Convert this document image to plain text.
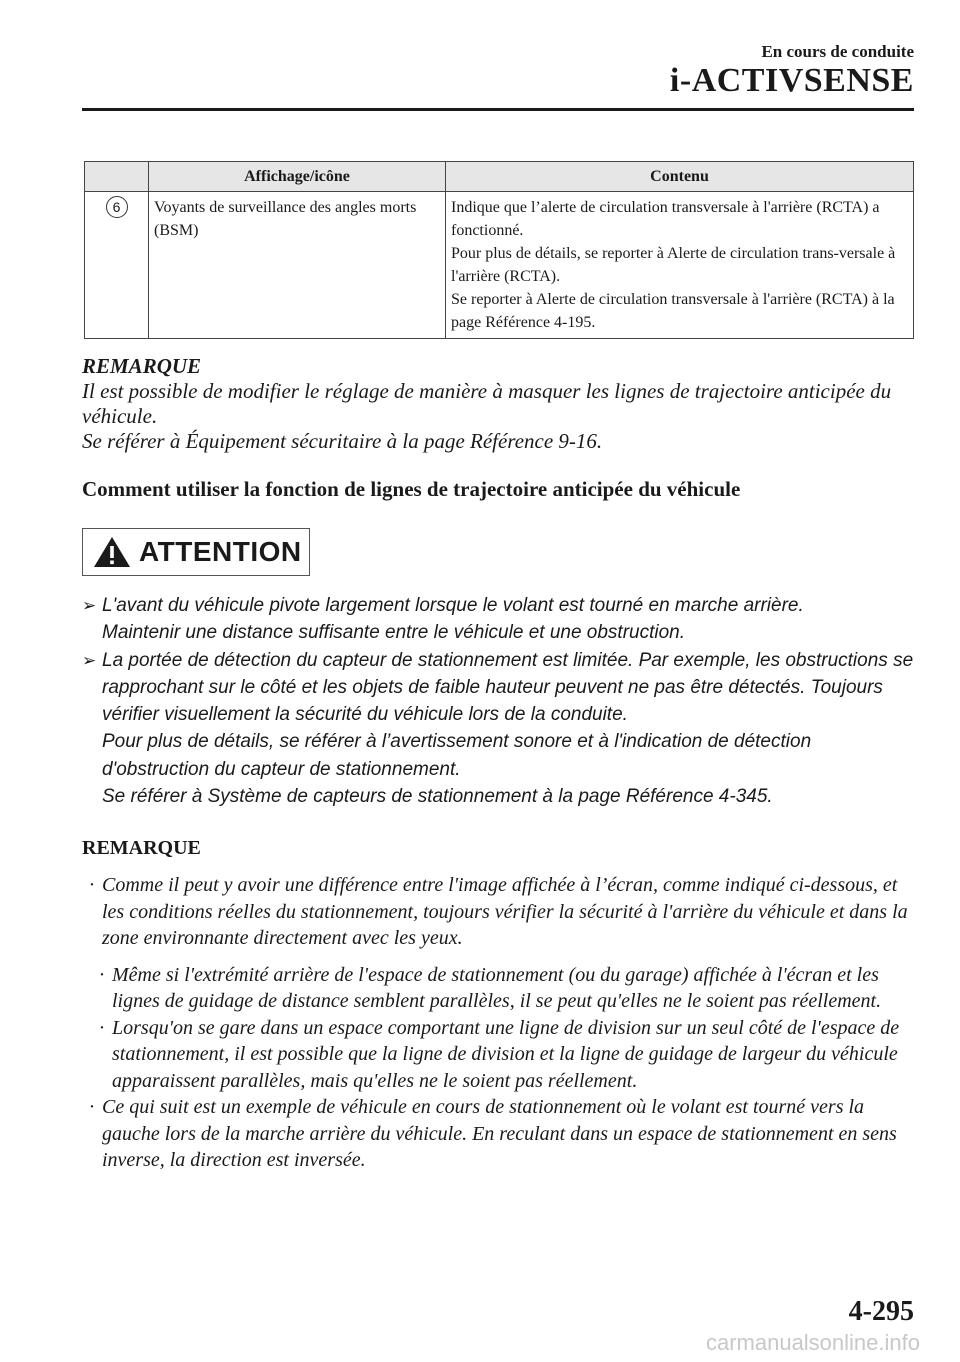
En cours de conduite
i-ACTIVSENSE
	Affichage/icône	Contenu
6	Voyants de surveillance des angles morts (BSM)	Indique que l’alerte de circulation transversale à l'arrière (RCTA) a fonctionné.

Pour plus de détails, se reporter à Alerte de circulation trans-versale à l'arrière (RCTA).

Se reporter à Alerte de circulation transversale à l'arrière (RCTA) à la page Référence 4-195.

REMARQUE
Il est possible de modifier le réglage de manière à masquer les lignes de trajectoire anticipée du véhicule.
Se référer à Équipement sécuritaire à la page Référence 9-16.
Comment utiliser la fonction de lignes de trajectoire anticipée du véhicule
ATTENTION
➢ L'avant du véhicule pivote largement lorsque le volant est tourné en marche arrière.
Maintenir une distance suffisante entre le véhicule et une obstruction.
➢ La portée de détection du capteur de stationnement est limitée. Par exemple, les obstructions se rapprochant sur le côté et les objets de faible hauteur peuvent ne pas être détectés. Toujours vérifier visuellement la sécurité du véhicule lors de la conduite.
Pour plus de détails, se référer à l’avertissement sonore et à l'indication de détection d'obstruction du capteur de stationnement.
Se référer à Système de capteurs de stationnement à la page Référence 4-345.
REMARQUE
· Comme il peut y avoir une différence entre l'image affichée à l’écran, comme indiqué ci-dessous, et les conditions réelles du stationnement, toujours vérifier la sécurité à l'arrière du véhicule et dans la zone environnante directement avec les yeux.
· Même si l'extrémité arrière de l'espace de stationnement (ou du garage) affichée à l'écran et les lignes de guidage de distance semblent parallèles, il se peut qu'elles ne le soient pas réellement.
· Lorsqu'on se gare dans un espace comportant une ligne de division sur un seul côté de l'espace de stationnement, il est possible que la ligne de division et la ligne de guidage de largeur du véhicule apparaissent parallèles, mais qu'elles ne le soient pas réellement.
· Ce qui suit est un exemple de véhicule en cours de stationnement où le volant est tourné vers la gauche lors de la marche arrière du véhicule. En reculant dans un espace de stationnement en sens inverse, la direction est inversée.
4-295
carmanualsonline.info
